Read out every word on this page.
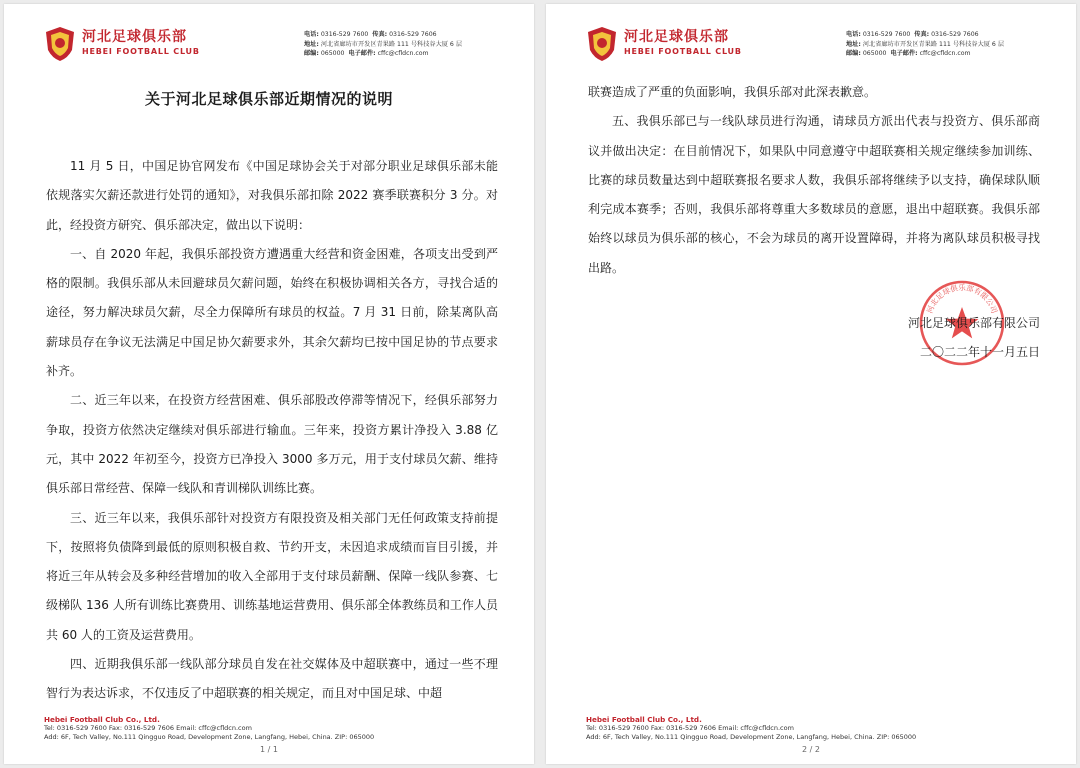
河北足球俱乐部
HEBEI FOOTBALL CLUB
电话: 0316-529 7600 传真: 0316-529 7606
地址: 河北省廊坊市开发区青果路 111 号科技谷大厦 6 层
邮编: 065000 电子邮件: cffc@cfldcn.com
关于河北足球俱乐部近期情况的说明

11 月 5 日，中国足协官网发布《中国足球协会关于对部分职业足球俱乐部未能依规落实欠薪还款进行处罚的通知》，对我俱乐部扣除 2022 赛季联赛积分 3 分。对此，经投资方研究、俱乐部决定，做出以下说明：

一、自 2020 年起，我俱乐部投资方遭遇重大经营和资金困难，各项支出受到严格的限制。我俱乐部从未回避球员欠薪问题，始终在积极协调相关各方，寻找合适的途径，努力解决球员欠薪，尽全力保障所有球员的权益。7 月 31 日前，除某离队高薪球员存在争议无法满足中国足协欠薪要求外，其余欠薪均已按中国足协的节点要求补齐。

二、近三年以来，在投资方经营困难、俱乐部股改停滞等情况下，经俱乐部努力争取，投资方依然决定继续对俱乐部进行输血。三年来，投资方累计净投入 3.88 亿元，其中 2022 年初至今，投资方已净投入 3000 多万元，用于支付球员欠薪、维持俱乐部日常经营、保障一线队和青训梯队训练比赛。

三、近三年以来，我俱乐部针对投资方有限投资及相关部门无任何政策支持前提下，按照将负债降到最低的原则积极自救、节约开支，未因追求成绩而盲目引援，并将近三年从转会及多种经营增加的收入全部用于支付球员薪酬、保障一线队参赛、七级梯队 136 人所有训练比赛费用、训练基地运营费用、俱乐部全体教练员和工作人员共 60 人的工资及运营费用。

四、近期我俱乐部一线队部分球员自发在社交媒体及中超联赛中，通过一些不理智行为表达诉求，不仅违反了中超联赛的相关规定，而且对中国足球、中超

Hebei Football Club Co., Ltd.
Tel: 0316-529 7600 Fax: 0316-529 7606 Email: cffc@cfldcn.com
Add: 6F, Tech Valley, No.111 Qingguo Road, Development Zone, Langfang, Hebei, China. ZIP: 065000
1 / 1
河北足球俱乐部
HEBEI FOOTBALL CLUB
电话: 0316-529 7600 传真: 0316-529 7606
地址: 河北省廊坊市开发区青果路 111 号科技谷大厦 6 层
邮编: 065000 电子邮件: cffc@cfldcn.com

联赛造成了严重的负面影响，我俱乐部对此深表歉意。

五、我俱乐部已与一线队球员进行沟通，请球员方派出代表与投资方、俱乐部商议并做出决定：在目前情况下，如果队中同意遵守中超联赛相关规定继续参加训练、比赛的球员数量达到中超联赛报名要求人数，我俱乐部将继续予以支持，确保球队顺利完成本赛季；否则，我俱乐部将尊重大多数球员的意愿，退出中超联赛。我俱乐部始终以球员为俱乐部的核心，不会为球员的离开设置障碍，并将为离队球员积极寻找出路。

河北足球俱乐部有限公司
河北足球俱乐部有限公司
二〇二二年十一月五日
Hebei Football Club Co., Ltd.
Tel: 0316-529 7600 Fax: 0316-529 7606 Email: cffc@cfldcn.com
Add: 6F, Tech Valley, No.111 Qingguo Road, Development Zone, Langfang, Hebei, China. ZIP: 065000
2 / 2
